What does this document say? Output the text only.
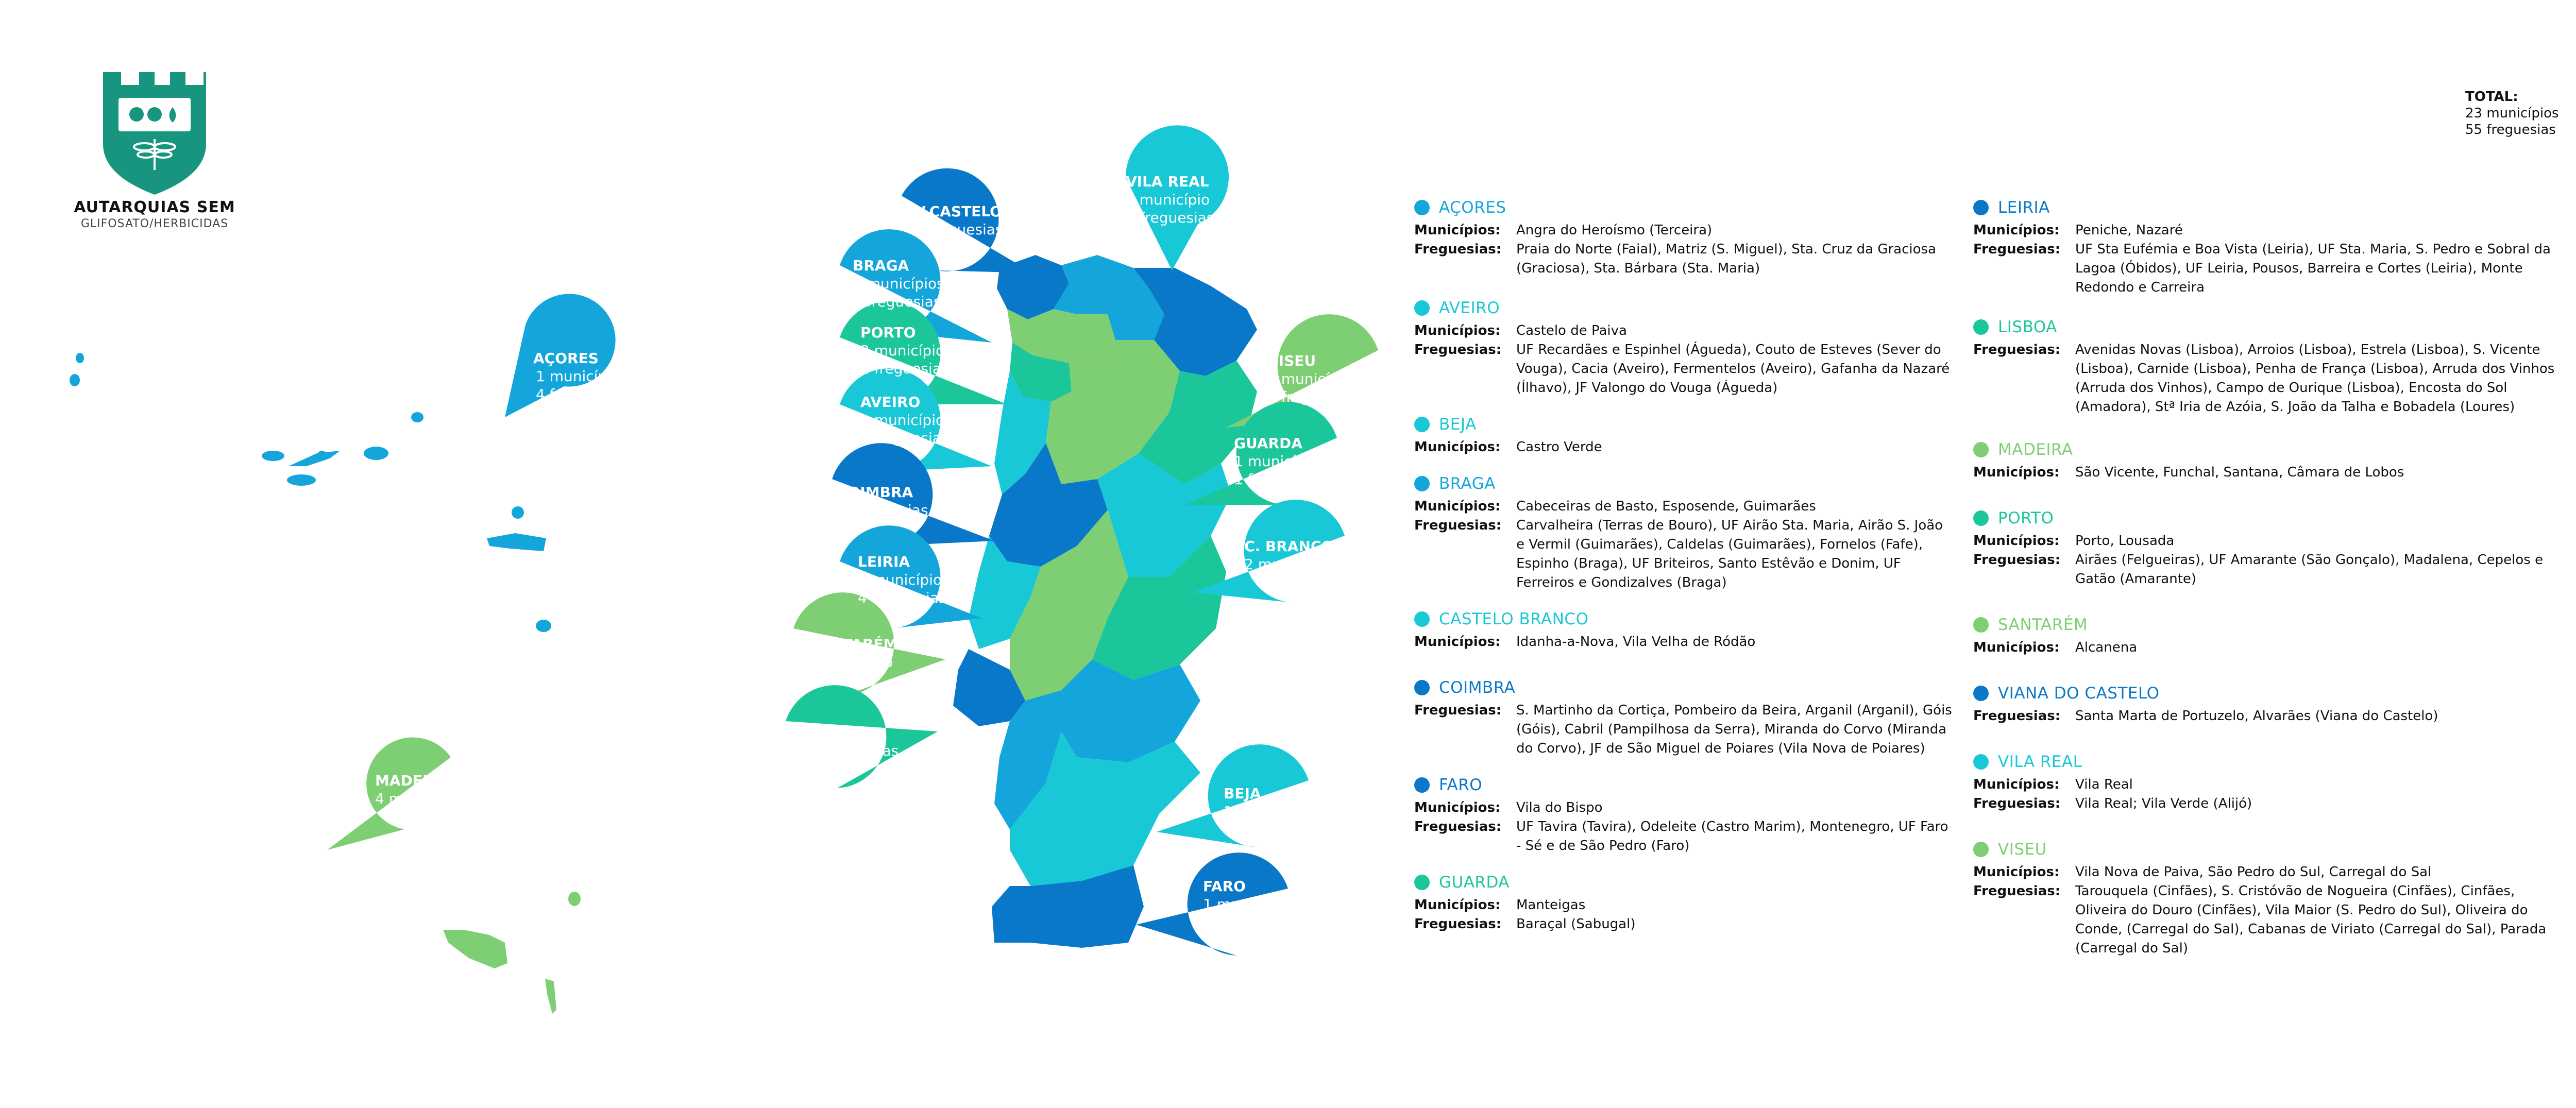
AUTARQUIAS SEM
GLIFOSATO/HERBICIDAS
TOTAL:
23 municípios
55 freguesias
AÇORES
1 município
4 freguesias
MADEIRA
4 municípios
V.CASTELO
2 freguesias
VILA REAL
1 município
2 freguesias
BRAGA
3 municípios
7 freguesias
PORTO
2 municípios
2 freguesias
AVEIRO
1 município
6 freguesias
VISEU
3 municípios
8 freguesias
GUARDA
1 município
1 freguesia
COIMBRA
7 freguesias
C. BRANCO
2 municípios
LEIRIA
2 municípios
4 freguesias
SANTARÉM
1 município
LISBOA
10 freguesias
BEJA
1 município
FARO
1 município
4 freguesias
AÇORES
Municípios:	Angra do Heroísmo (Terceira)
Freguesias:	Praia do Norte (Faial), Matriz (S. Miguel), Sta. Cruz da Graciosa (Graciosa), Sta. Bárbara (Sta. Maria)
AVEIRO
Municípios:	Castelo de Paiva
Freguesias:	UF Recardães e Espinhel (Águeda), Couto de Esteves (Sever do Vouga), Cacia (Aveiro), Fermentelos (Aveiro), Gafanha da Nazaré (Ílhavo), JF Valongo do Vouga (Águeda)
BEJA
Municípios:	Castro Verde
BRAGA
Municípios:	Cabeceiras de Basto, Esposende, Guimarães
Freguesias:	Carvalheira (Terras de Bouro), UF Airão Sta. Maria, Airão S. João e Vermil (Guimarães), Caldelas (Guimarães), Fornelos (Fafe), Espinho (Braga), UF Briteiros, Santo Estêvão e Donim, UF Ferreiros e Gondizalves (Braga)
CASTELO BRANCO
Municípios:	Idanha-a-Nova, Vila Velha de Ródão
COIMBRA
Freguesias:	S. Martinho da Cortiça, Pombeiro da Beira, Arganil (Arganil), Góis (Góis), Cabril (Pampilhosa da Serra), Miranda do Corvo (Miranda do Corvo), JF de São Miguel de Poiares (Vila Nova de Poiares)
FARO
Municípios:	Vila do Bispo
Freguesias:	UF Tavira (Tavira), Odeleite (Castro Marim), Montenegro, UF Faro - Sé e de São Pedro (Faro)
GUARDA
Municípios:	Manteigas
Freguesias:	Baraçal (Sabugal)
LEIRIA
Municípios:	Peniche, Nazaré
Freguesias:	UF Sta Eufémia e Boa Vista (Leiria), UF Sta. Maria, S. Pedro e Sobral da Lagoa (Óbidos), UF Leiria, Pousos, Barreira e Cortes (Leiria), Monte Redondo e Carreira
LISBOA
Freguesias:	Avenidas Novas (Lisboa), Arroios (Lisboa), Estrela (Lisboa), S. Vicente (Lisboa), Carnide (Lisboa), Penha de França (Lisboa), Arruda dos Vinhos (Arruda dos Vinhos), Campo de Ourique (Lisboa), Encosta do Sol (Amadora), Stª Iria de Azóia, S. João da Talha e Bobadela (Loures)
MADEIRA
Municípios:	São Vicente, Funchal, Santana, Câmara de Lobos
PORTO
Municípios:	Porto, Lousada
Freguesias:	Airães (Felgueiras), UF Amarante (São Gonçalo), Madalena, Cepelos e Gatão (Amarante)
SANTARÉM
Municípios:	Alcanena
VIANA DO CASTELO
Freguesias:	Santa Marta de Portuzelo, Alvarães (Viana do Castelo)
VILA REAL
Municípios:	Vila Real
Freguesias:	Vila Real; Vila Verde (Alijó)
VISEU
Municípios:	Vila Nova de Paiva, São Pedro do Sul, Carregal do Sal
Freguesias:	Tarouquela (Cinfães), S. Cristóvão de Nogueira (Cinfães), Cinfães, Oliveira do Douro (Cinfães), Vila Maior (S. Pedro do Sul), Oliveira do Conde, (Carregal do Sal), Cabanas de Viriato (Carregal do Sal), Parada (Carregal do Sal)
